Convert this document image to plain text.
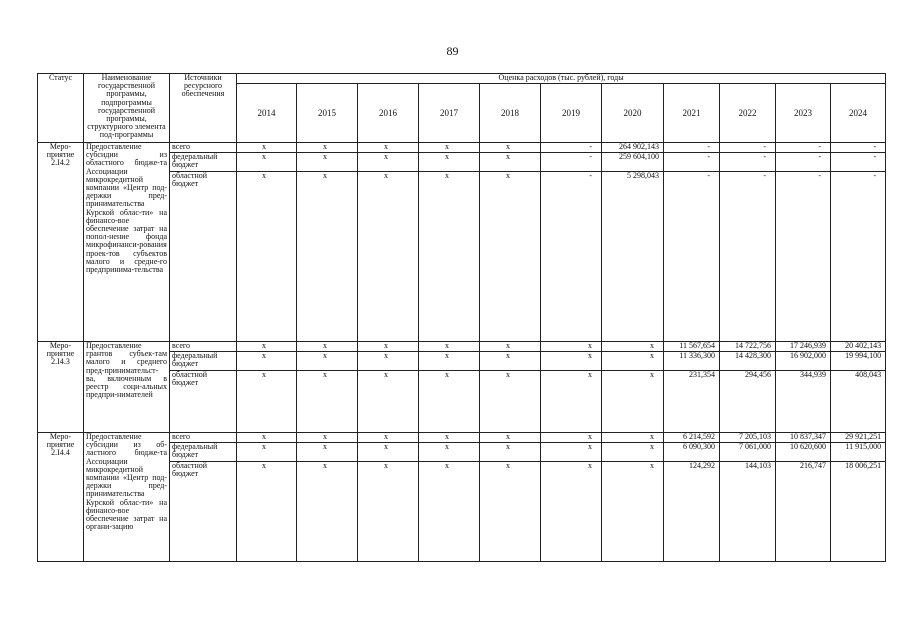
89
Статус	Наименование государственной программы, подпрограммы государственной программы, структурного элемента под-программы	Источники ресурсного обеспечения	Оценка расходов (тыс. рублей), годы										
			2014	2015	2016	2017	2018	2019	2020	2021	2022	2023	2024
Меро-приятие 2.I4.2	Предоставление субсидии из областного бюдже-та Ассоциации микрокредитной компании «Центр под-держки пред-принимательства Курской облас-ти» на финансо-вое обеспечение затрат на попол-нение фонда микрофинанси-рования проек-тов субъектов малого и средне-го предпринима-тельства	всего	x	x	x	x	x	-	264 902,143	-	-	-	-
		федеральный бюджет	x	x	x	x	x	-	259 604,100	-	-	-	-
		областной бюджет	x	x	x	x	x	-	5 298,043	-	-	-	-
Меро-приятие 2.I4.3	Предоставление грантов субъек-там малого и среднего пред-принимательст-ва, включенным в реестр соци-альных предпри-нимателей	всего	x	x	x	x	x	x	x	11 567,654	14 722,756	17 246,939	20 402,143
		федеральный бюджет	x	x	x	x	x	x	x	11 336,300	14 428,300	16 902,000	19 994,100
		областной бюджет	x	x	x	x	x	x	x	231,354	294,456	344,939	408,043
Меро-приятие 2.I4.4	Предоставление субсидии из об-ластного бюдже-та Ассоциации микрокредитной компании «Центр под-держки пред-принимательства Курской облас-ти» на финансо-вое обеспечение затрат на органи-зацию	всего	x	x	x	x	x	x	x	6 214,592	7 205,103	10 837,347	29 921,251
		федеральный бюджет	x	x	x	x	x	x	x	6 090,300	7 061,000	10 620,600	11 915,000
		областной бюджет	x	x	x	x	x	x	x	124,292	144,103	216,747	18 006,251
